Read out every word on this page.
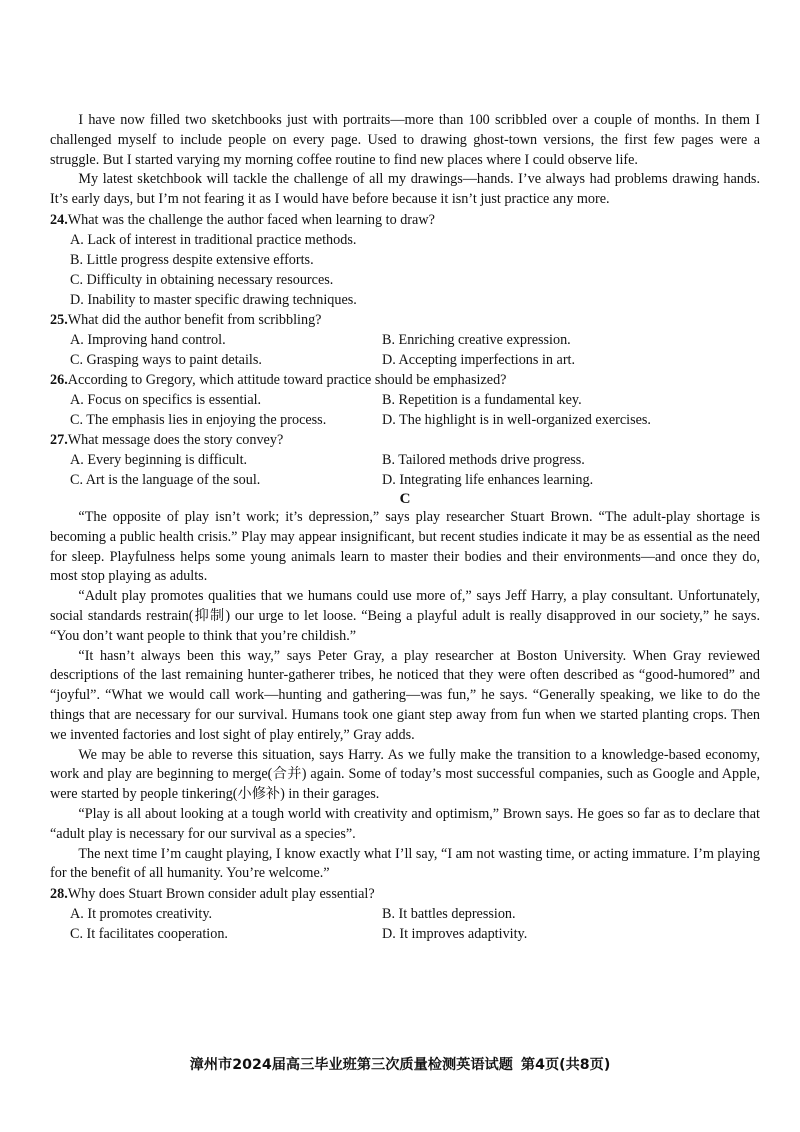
I have now filled two sketchbooks just with portraits—more than 100 scribbled over a couple of months. In them I challenged myself to include people on every page. Used to drawing ghost-town versions, the first few pages were a struggle. But I started varying my morning coffee routine to find new places where I could observe life.

My latest sketchbook will tackle the challenge of all my drawings—hands. I’ve always had problems drawing hands. It’s early days, but I’m not fearing it as I would have before because it isn’t just practice any more.

24.What was the challenge the author faced when learning to draw?
A. Lack of interest in traditional practice methods.
B. Little progress despite extensive efforts.
C. Difficulty in obtaining necessary resources.
D. Inability to master specific drawing techniques.
25.What did the author benefit from scribbling?
A. Improving hand control.	B. Enriching creative expression.
C. Grasping ways to paint details.	D. Accepting imperfections in art.
26.According to Gregory, which attitude toward practice should be emphasized?
A. Focus on specifics is essential.	B. Repetition is a fundamental key.
C. The emphasis lies in enjoying the process.	D. The highlight is in well-organized exercises.
27.What message does the story convey?
A. Every beginning is difficult.	B. Tailored methods drive progress.
C. Art is the language of the soul.	D. Integrating life enhances learning.
C

“The opposite of play isn’t work; it’s depression,” says play researcher Stuart Brown. “The adult-play shortage is becoming a public health crisis.” Play may appear insignificant, but recent studies indicate it may be as essential as the need for sleep. Playfulness helps some young animals learn to master their bodies and their environments—and once they do, most stop playing as adults.

“Adult play promotes qualities that we humans could use more of,” says Jeff Harry, a play consultant. Unfortunately, social standards restrain(抑制) our urge to let loose. “Being a playful adult is really disapproved in our society,” he says. “You don’t want people to think that you’re childish.”

“It hasn’t always been this way,” says Peter Gray, a play researcher at Boston University. When Gray reviewed descriptions of the last remaining hunter-gatherer tribes, he noticed that they were often described as “good-humored” and “joyful”. “What we would call work—hunting and gathering—was fun,” he says. “Generally speaking, we like to do the things that are necessary for our survival. Humans took one giant step away from fun when we started planting crops. Then we invented factories and lost sight of play entirely,” Gray adds.

We may be able to reverse this situation, says Harry. As we fully make the transition to a knowledge-based economy, work and play are beginning to merge(合并) again. Some of today’s most successful companies, such as Google and Apple, were started by people tinkering(小修补) in their garages.

“Play is all about looking at a tough world with creativity and optimism,” Brown says. He goes so far as to declare that “adult play is necessary for our survival as a species”.

The next time I’m caught playing, I know exactly what I’ll say, “I am not wasting time, or acting immature. I’m playing for the benefit of all humanity. You’re welcome.”

28.Why does Stuart Brown consider adult play essential?
A. It promotes creativity.	B. It battles depression.
C. It facilitates cooperation.	D. It improves adaptivity.
漳州市2024届高三毕业班第三次质量检测英语试题 第4页(共8页)
